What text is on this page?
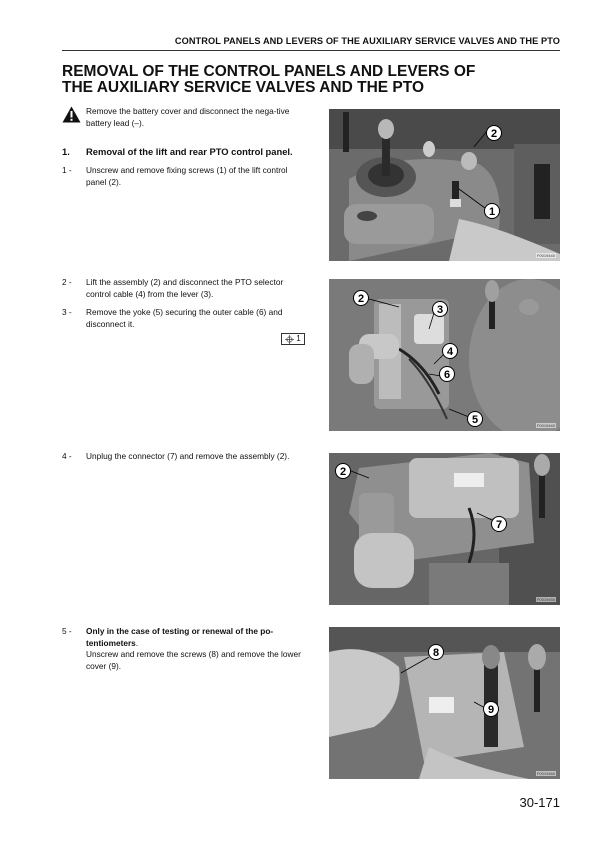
CONTROL PANELS AND LEVERS OF THE AUXILIARY SERVICE VALVES AND THE PTO
REMOVAL OF THE CONTROL PANELS AND LEVERS OF
THE AUXILIARY SERVICE VALVES AND THE PTO
Remove the battery cover and disconnect the nega-tive battery lead (–).
1. Removal of the lift and rear PTO control panel.
1 -	Unscrew and remove fixing screws (1) of the lift control panel (2).
2 -	Lift the assembly (2) and disconnect the PTO selector control cable (4) from the lever (3).
3 -	Remove the yoke (5) securing the outer cable (6) and disconnect it.
1
4 -	Unplug the connector (7) and remove the assembly (2).
5 -	Only in the case of testing or renewal of the po-tentiometers.
Unscrew and remove the screws (8) and remove the lower cover (9).
2
1
F0019440
2
3
4
6
5	F0019440
2
7
F0019450
8
9
F0019460
30-171
